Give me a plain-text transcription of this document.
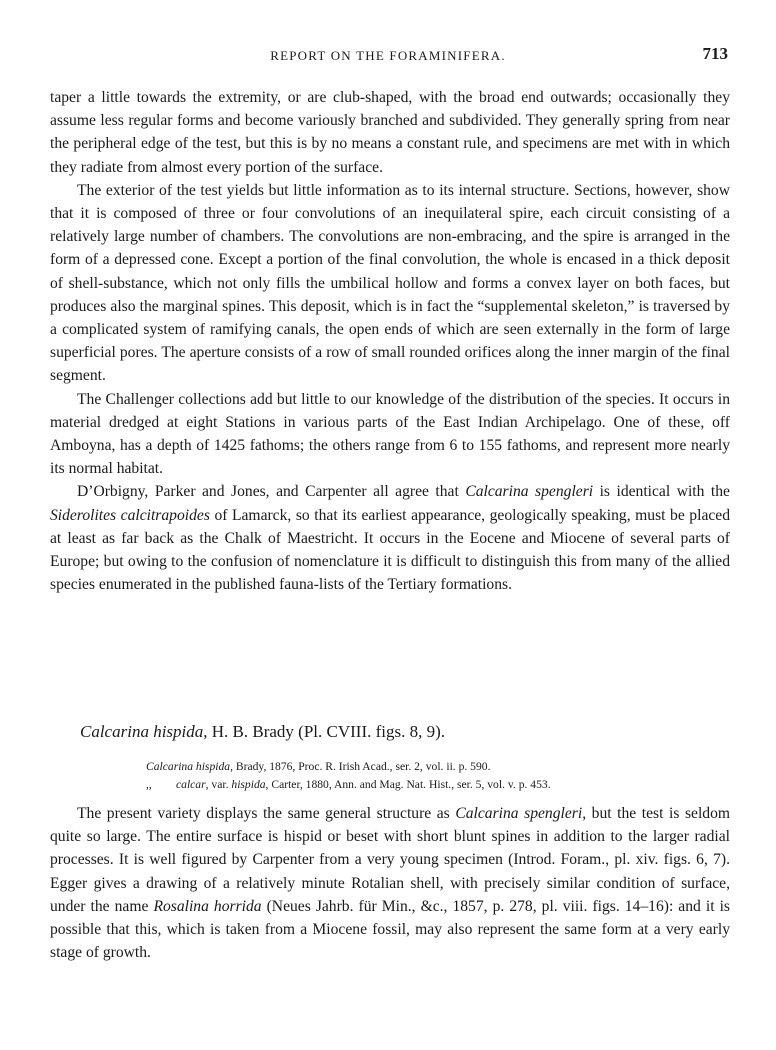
REPORT ON THE FORAMINIFERA.	713

taper a little towards the extremity, or are club-shaped, with the broad end outwards; occasionally they assume less regular forms and become variously branched and subdivided. They generally spring from near the peripheral edge of the test, but this is by no means a constant rule, and specimens are met with in which they radiate from almost every portion of the surface.

The exterior of the test yields but little information as to its internal structure. Sections, however, show that it is composed of three or four convolutions of an inequilateral spire, each circuit consisting of a relatively large number of chambers. The convolutions are non-embracing, and the spire is arranged in the form of a depressed cone. Except a portion of the final convolution, the whole is encased in a thick deposit of shell-substance, which not only fills the umbilical hollow and forms a convex layer on both faces, but produces also the marginal spines. This deposit, which is in fact the “supplemental skeleton,” is traversed by a complicated system of ramifying canals, the open ends of which are seen externally in the form of large superficial pores. The aperture consists of a row of small rounded orifices along the inner margin of the final segment.

The Challenger collections add but little to our knowledge of the distribution of the species. It occurs in material dredged at eight Stations in various parts of the East Indian Archipelago. One of these, off Amboyna, has a depth of 1425 fathoms; the others range from 6 to 155 fathoms, and represent more nearly its normal habitat.

D’Orbigny, Parker and Jones, and Carpenter all agree that Calcarina spengleri is identical with the Siderolites calcitrapoides of Lamarck, so that its earliest appearance, geologically speaking, must be placed at least as far back as the Chalk of Maestricht. It occurs in the Eocene and Miocene of several parts of Europe; but owing to the confusion of nomenclature it is difficult to distinguish this from many of the allied species enumerated in the published fauna-lists of the Tertiary formations.

Calcarina hispida, H. B. Brady (Pl. CVIII. figs. 8, 9).
Calcarina hispida, Brady, 1876, Proc. R. Irish Acad., ser. 2, vol. ii. p. 590.
,, calcar, var. hispida, Carter, 1880, Ann. and Mag. Nat. Hist., ser. 5, vol. v. p. 453.

The present variety displays the same general structure as Calcarina spengleri, but the test is seldom quite so large. The entire surface is hispid or beset with short blunt spines in addition to the larger radial processes. It is well figured by Carpenter from a very young specimen (Introd. Foram., pl. xiv. figs. 6, 7). Egger gives a drawing of a relatively minute Rotalian shell, with precisely similar condition of surface, under the name Rosalina horrida (Neues Jahrb. für Min., &c., 1857, p. 278, pl. viii. figs. 14–16): and it is possible that this, which is taken from a Miocene fossil, may also represent the same form at a very early stage of growth.
